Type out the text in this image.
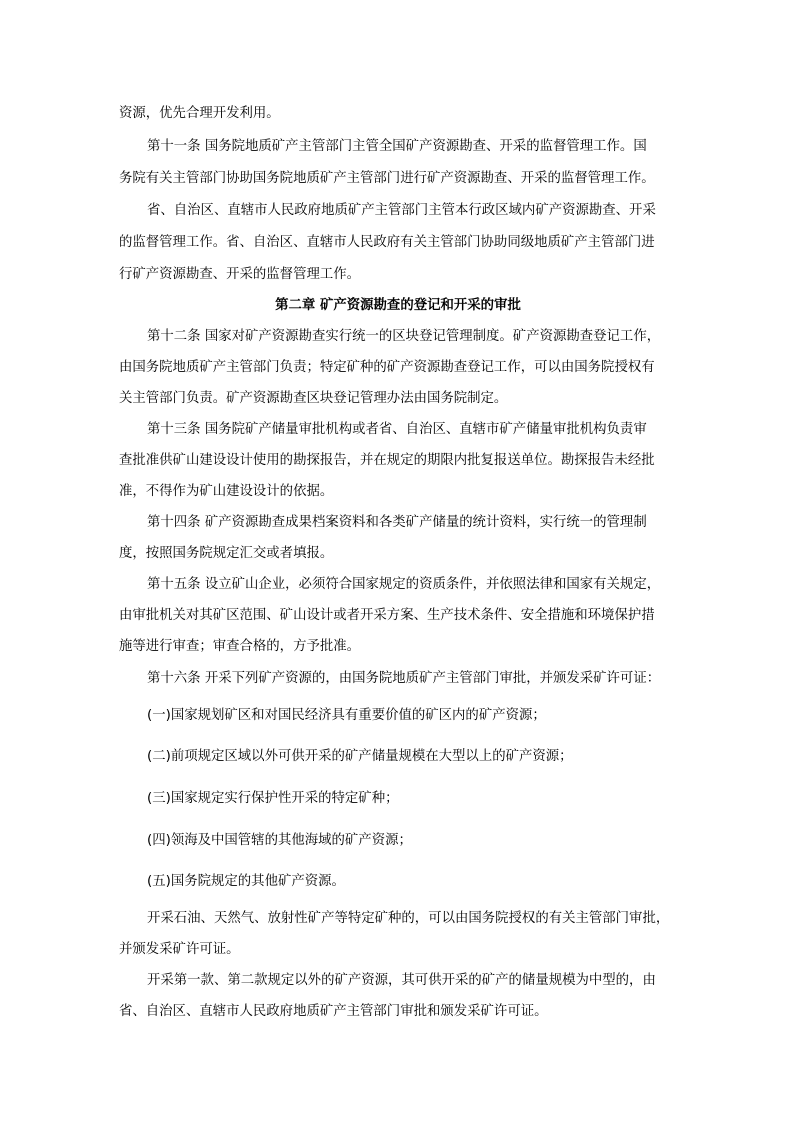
资源，优先合理开发利用。
第十一条 国务院地质矿产主管部门主管全国矿产资源勘查、开采的监督管理工作。国
务院有关主管部门协助国务院地质矿产主管部门进行矿产资源勘查、开采的监督管理工作。
省、自治区、直辖市人民政府地质矿产主管部门主管本行政区域内矿产资源勘查、开采
的监督管理工作。省、自治区、直辖市人民政府有关主管部门协助同级地质矿产主管部门进
行矿产资源勘查、开采的监督管理工作。
第二章 矿产资源勘查的登记和开采的审批
第十二条 国家对矿产资源勘查实行统一的区块登记管理制度。矿产资源勘查登记工作，
由国务院地质矿产主管部门负责；特定矿种的矿产资源勘查登记工作，可以由国务院授权有
关主管部门负责。矿产资源勘查区块登记管理办法由国务院制定。
第十三条 国务院矿产储量审批机构或者省、自治区、直辖市矿产储量审批机构负责审
查批准供矿山建设设计使用的勘探报告，并在规定的期限内批复报送单位。勘探报告未经批
准，不得作为矿山建设设计的依据。
第十四条 矿产资源勘查成果档案资料和各类矿产储量的统计资料，实行统一的管理制
度，按照国务院规定汇交或者填报。
第十五条 设立矿山企业，必须符合国家规定的资质条件，并依照法律和国家有关规定，
由审批机关对其矿区范围、矿山设计或者开采方案、生产技术条件、安全措施和环境保护措
施等进行审查；审查合格的，方予批准。
第十六条 开采下列矿产资源的，由国务院地质矿产主管部门审批，并颁发采矿许可证：
(一)国家规划矿区和对国民经济具有重要价值的矿区内的矿产资源；
(二)前项规定区域以外可供开采的矿产储量规模在大型以上的矿产资源；
(三)国家规定实行保护性开采的特定矿种；
(四)领海及中国管辖的其他海域的矿产资源；
(五)国务院规定的其他矿产资源。
开采石油、天然气、放射性矿产等特定矿种的，可以由国务院授权的有关主管部门审批，
并颁发采矿许可证。
开采第一款、第二款规定以外的矿产资源，其可供开采的矿产的储量规模为中型的，由
省、自治区、直辖市人民政府地质矿产主管部门审批和颁发采矿许可证。
